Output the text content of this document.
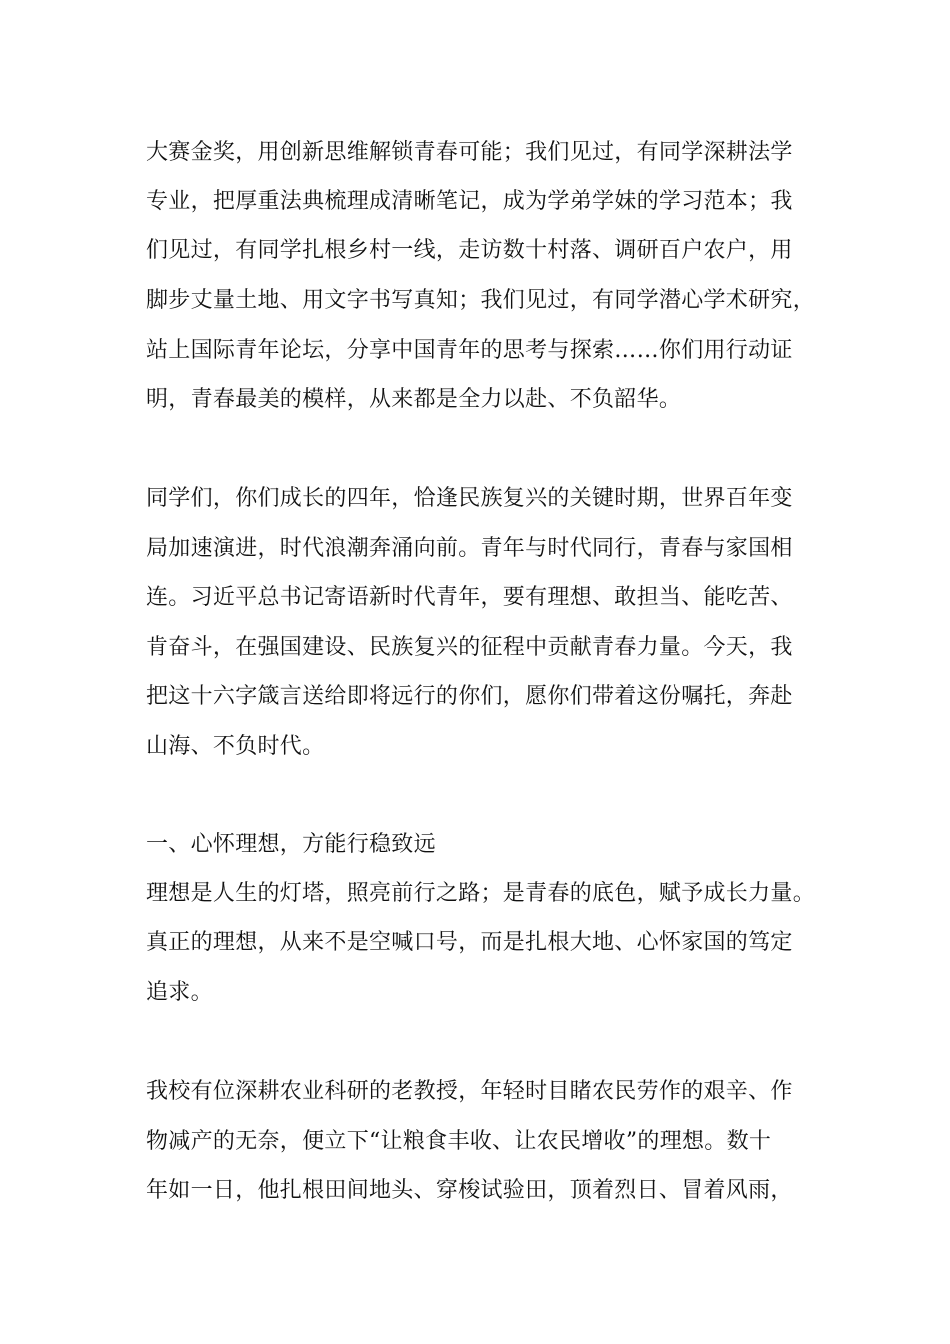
大赛金奖，用创新思维解锁青春可能；我们见过，有同学深耕法学

专业，把厚重法典梳理成清晰笔记，成为学弟学妹的学习范本；我

们见过，有同学扎根乡村一线，走访数十村落、调研百户农户，用

脚步丈量土地、用文字书写真知；我们见过，有同学潜心学术研究，

站上国际青年论坛，分享中国青年的思考与探索……你们用行动证

明，青春最美的模样，从来都是全力以赴、不负韶华。

同学们，你们成长的四年，恰逢民族复兴的关键时期，世界百年变

局加速演进，时代浪潮奔涌向前。青年与时代同行，青春与家国相

连。习近平总书记寄语新时代青年，要有理想、敢担当、能吃苦、

肯奋斗，在强国建设、民族复兴的征程中贡献青春力量。今天，我

把这十六字箴言送给即将远行的你们，愿你们带着这份嘱托，奔赴

山海、不负时代。

一、心怀理想，方能行稳致远

理想是人生的灯塔，照亮前行之路；是青春的底色，赋予成长力量。

真正的理想，从来不是空喊口号，而是扎根大地、心怀家国的笃定

追求。

我校有位深耕农业科研的老教授，年轻时目睹农民劳作的艰辛、作

物减产的无奈，便立下“让粮食丰收、让农民增收”的理想。数十

年如一日，他扎根田间地头、穿梭试验田，顶着烈日、冒着风雨，
